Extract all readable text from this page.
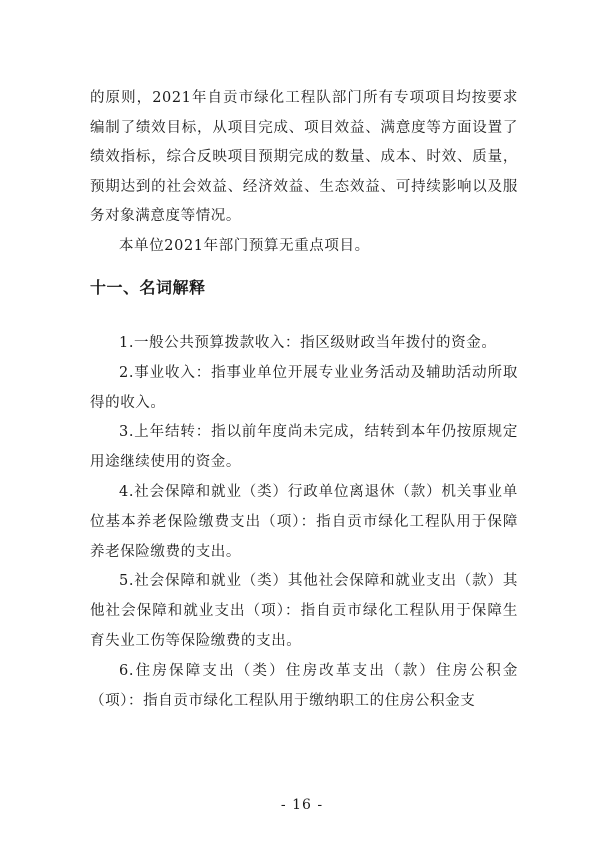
的原则，2021年自贡市绿化工程队部门所有专项项目均按要求编制了绩效目标，从项目完成、项目效益、满意度等方面设置了绩效指标，综合反映项目预期完成的数量、成本、时效、质量，预期达到的社会效益、经济效益、生态效益、可持续影响以及服务对象满意度等情况。

本单位2021年部门预算无重点项目。

十一、名词解释

1.一般公共预算拨款收入：指区级财政当年拨付的资金。

2.事业收入：指事业单位开展专业业务活动及辅助活动所取得的收入。

3.上年结转：指以前年度尚未完成，结转到本年仍按原规定用途继续使用的资金。

4.社会保障和就业（类）行政单位离退休（款）机关事业单位基本养老保险缴费支出（项）：指自贡市绿化工程队用于保障养老保险缴费的支出。

5.社会保障和就业（类）其他社会保障和就业支出（款）其他社会保障和就业支出（项）：指自贡市绿化工程队用于保障生育失业工伤等保险缴费的支出。

6.住房保障支出（类）住房改革支出（款）住房公积金（项）：指自贡市绿化工程队用于缴纳职工的住房公积金支

- 16 -
